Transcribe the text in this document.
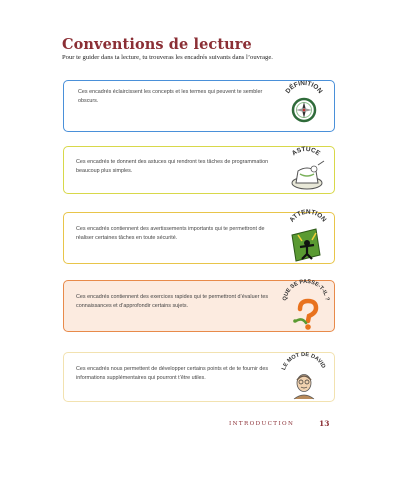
Conventions de lecture
Pour te guider dans ta lecture, tu trouveras les encadrés suivants dans l’ouvrage.
Ces encadrés éclaircissent les concepts et les termes qui peuvent te sembler obscurs.
DÉFINITION
Ces encadrés te donnent des astuces qui rendront tes tâches de programmation beaucoup plus simples.
ASTUCE
Ces encadrés contiennent des avertissements importants qui te permettront de réaliser certaines tâches en toute sécurité.
ATTENTION
Ces encadrés contiennent des exercices rapides qui te permettront d’évaluer tes connaissances et d’approfondir certains sujets.
QUE SE PASSE-T-IL ?
Ces encadrés nous permettent de développer certains points et de te fournir des informations supplémentaires qui pourront t’être utiles.
LE MOT DE DAVID
INTRODUCTION	13
